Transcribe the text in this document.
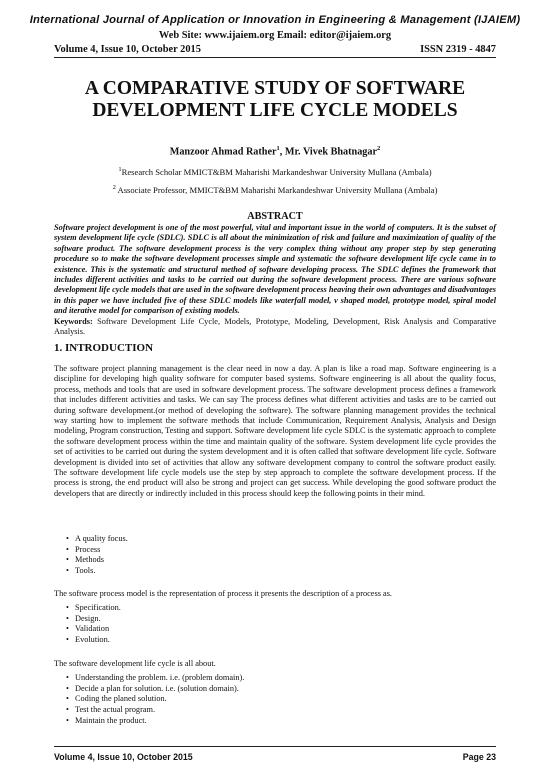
International Journal of Application or Innovation in Engineering & Management (IJAIEM)
Web Site: www.ijaiem.org Email: editor@ijaiem.org
Volume 4, Issue 10, October 2015	ISSN 2319 - 4847
A COMPARATIVE STUDY OF SOFTWARE DEVELOPMENT LIFE CYCLE MODELS
Manzoor Ahmad Rather$^1$, Mr. Vivek Bhatnagar$^2$
$^1$Research Scholar MMICT&BM Maharishi Markandeshwar University Mullana (Ambala)
$^2$ Associate Professor, MMICT&BM Maharishi Markandeshwar University Mullana (Ambala)
ABSTRACT
Software project development is one of the most powerful, vital and important issue in the world of computers. It is the subset of system development life cycle (SDLC). SDLC is all about the minimization of risk and failure and maximization of quality of the software product. The software development process is the very complex thing without any proper step by step generating procedure so to make the software development processes simple and systematic the software development life cycle came in to existence. This is the systematic and structural method of software developing process. The SDLC defines the framework that includes different activities and tasks to be carried out during the software development process. There are various software development life cycle models that are used in the software development process heaving their own advantages and disadvantages in this paper we have included five of these SDLC models like waterfall model, v shaped model, prototype model, spiral model and iterative model for comparison of existing models.
Keywords: Software Development Life Cycle, Models, Prototype, Modeling, Development, Risk Analysis and Comparative Analysis.
1. INTRODUCTION
The software project planning management is the clear need in now a day. A plan is like a road map. Software engineering is a discipline for developing high quality software for computer based systems. Software engineering is all about the quality focus, process, methods and tools that are used in software development process. The software development process defines a framework that includes different activities and tasks. We can say The process defines what different activities and tasks are to be carried out during software development.(or method of developing the software). The software planning management provides the technical way starting how to implement the software methods that include Communication, Requirement Analysis, Analysis and Design modeling, Program construction, Testing and support. Software development life cycle SDLC is the systematic approach to complete the software development process within the time and maintain quality of the software. System development life cycle provides the set of activities to be carried out during the system development and it is often called that software development life cycle. Software development is divided into set of activities that allow any software development company to control the software product easily. The software development life cycle models use the step by step approach to complete the software development process. If the process is strong, the end product will also be strong and project can get success. While developing the good software product the developers that are directly or indirectly included in this process should keep the following points in their mind.
• A quality focus.
• Process
• Methods
• Tools.
The software process model is the representation of process it presents the description of a process as.
• Specification.
• Design.
• Validation
• Evolution.
The software development life cycle is all about.
• Understanding the problem. i.e. (problem domain).
• Decide a plan for solution. i.e. (solution domain).
• Coding the planed solution.
• Test the actual program.
• Maintain the product.
Volume 4, Issue 10, October 2015	Page 23
